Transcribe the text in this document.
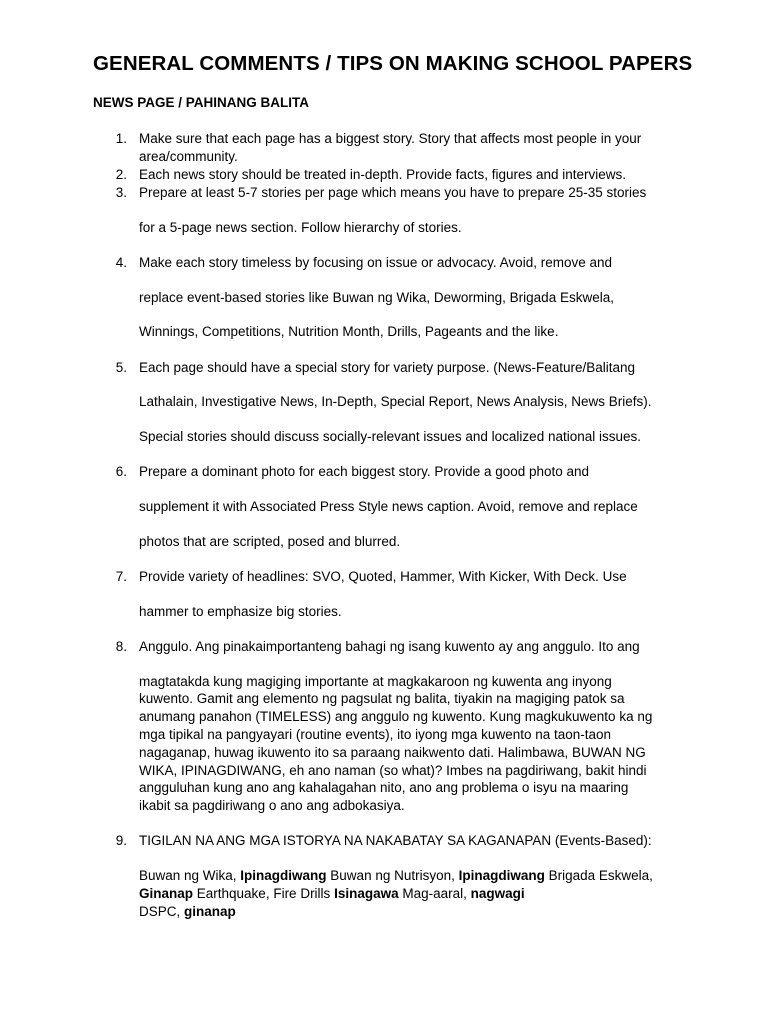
GENERAL COMMENTS / TIPS ON MAKING SCHOOL PAPERS
NEWS PAGE / PAHINANG BALITA
1. Make sure that each page has a biggest story. Story that affects most people in your
area/community.
2. Each news story should be treated in-depth. Provide facts, figures and interviews.
3. Prepare at least 5-7 stories per page which means you have to prepare 25-35 stories
for a 5-page news section. Follow hierarchy of stories.
4. Make each story timeless by focusing on issue or advocacy. Avoid, remove and
replace event-based stories like Buwan ng Wika, Deworming, Brigada Eskwela,
Winnings, Competitions, Nutrition Month, Drills, Pageants and the like.
5. Each page should have a special story for variety purpose. (News-Feature/Balitang
Lathalain, Investigative News, In-Depth, Special Report, News Analysis, News Briefs).
Special stories should discuss socially-relevant issues and localized national issues.
6. Prepare a dominant photo for each biggest story. Provide a good photo and
supplement it with Associated Press Style news caption. Avoid, remove and replace
photos that are scripted, posed and blurred.
7. Provide variety of headlines: SVO, Quoted, Hammer, With Kicker, With Deck. Use
hammer to emphasize big stories.
8. Anggulo. Ang pinakaimportanteng bahagi ng isang kuwento ay ang anggulo. Ito ang
magtatakda kung magiging importante at magkakaroon ng kuwenta ang inyong
kuwento. Gamit ang elemento ng pagsulat ng balita, tiyakin na magiging patok sa
anumang panahon (TIMELESS) ang anggulo ng kuwento. Kung magkukuwento ka ng
mga tipikal na pangyayari (routine events), ito iyong mga kuwento na taon-taon
nagaganap, huwag ikuwento ito sa paraang naikwento dati. Halimbawa, BUWAN NG
WIKA, IPINAGDIWANG, eh ano naman (so what)? Imbes na pagdiriwang, bakit hindi
angguluhan kung ano ang kahalagahan nito, ano ang problema o isyu na maaring
ikabit sa pagdiriwang o ano ang adbokasiya.
9. TIGILAN NA ANG MGA ISTORYA NA NAKABATAY SA KAGANAPAN (Events-Based):
Buwan ng Wika, Ipinagdiwang Buwan ng Nutrisyon, Ipinagdiwang Brigada Eskwela,
Ginanap Earthquake, Fire Drills Isinagawa Mag-aaral, nagwagi
DSPC, ginanap
